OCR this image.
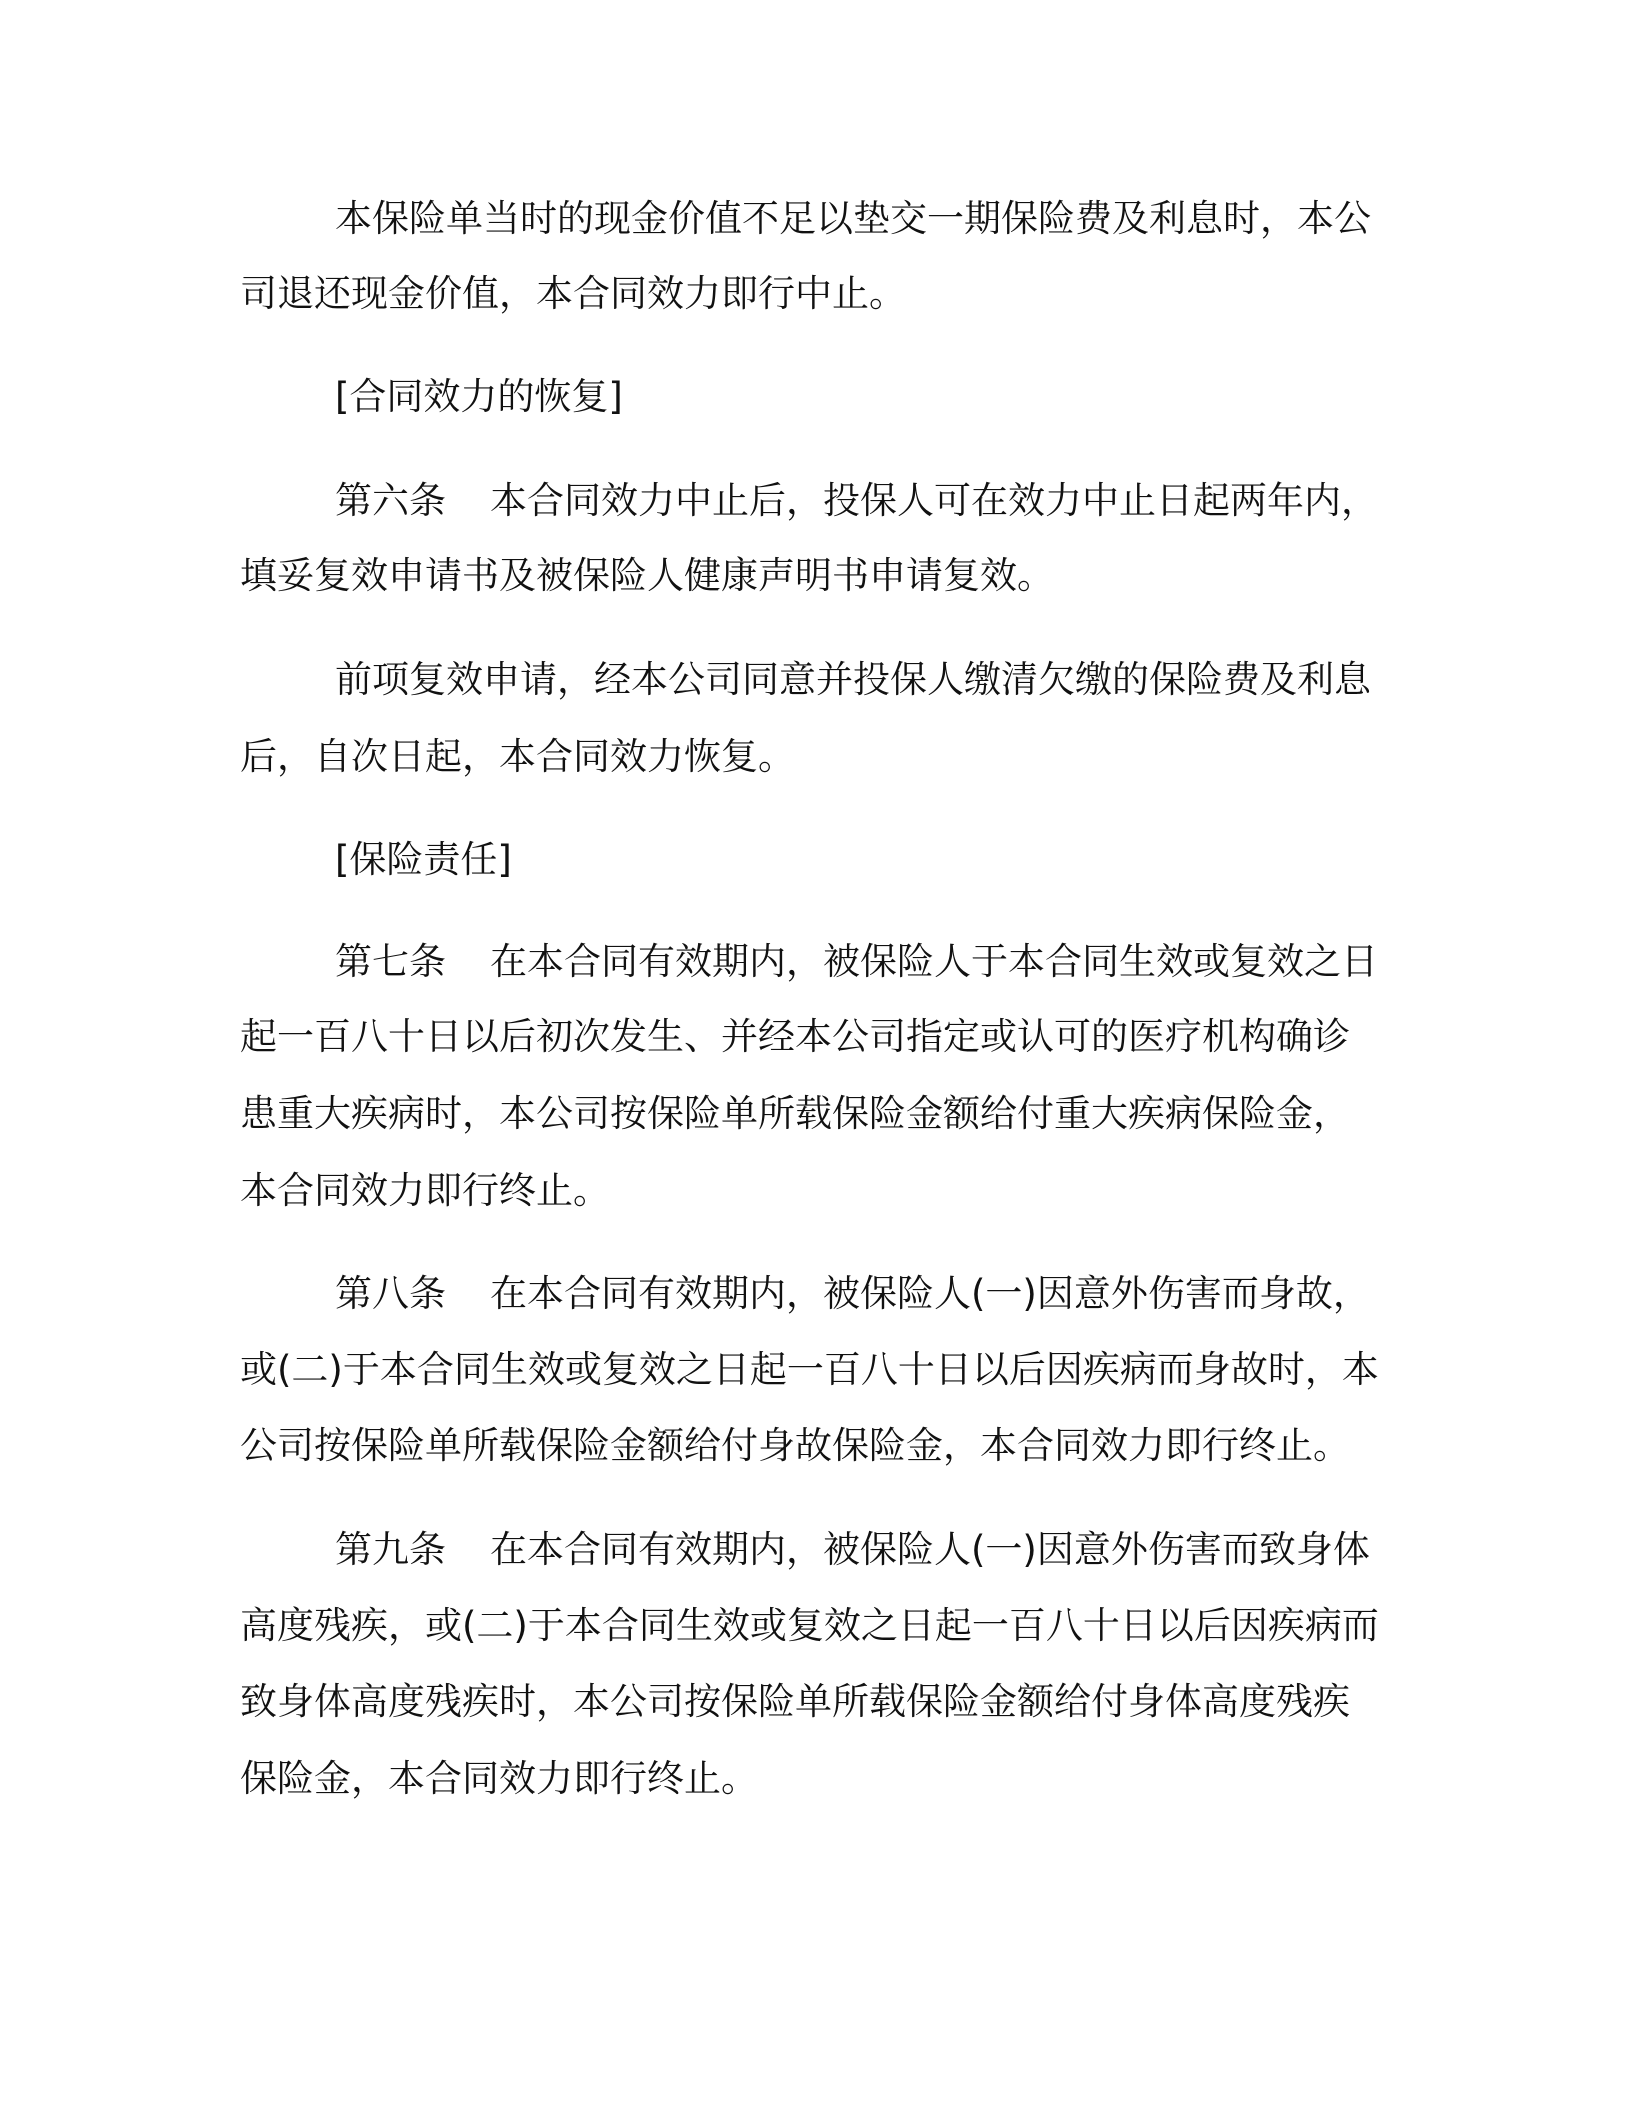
本保险单当时的现金价值不足以垫交一期保险费及利息时，本公
司退还现金价值，本合同效力即行中止。
[合同效力的恢复]
第六条 本合同效力中止后，投保人可在效力中止日起两年内，
填妥复效申请书及被保险人健康声明书申请复效。
前项复效申请，经本公司同意并投保人缴清欠缴的保险费及利息
后，自次日起，本合同效力恢复。
[保险责任]
第七条 在本合同有效期内，被保险人于本合同生效或复效之日
起一百八十日以后初次发生、并经本公司指定或认可的医疗机构确诊
患重大疾病时，本公司按保险单所载保险金额给付重大疾病保险金，
本合同效力即行终止。
第八条 在本合同有效期内，被保险人(一)因意外伤害而身故，
或(二)于本合同生效或复效之日起一百八十日以后因疾病而身故时，本
公司按保险单所载保险金额给付身故保险金，本合同效力即行终止。
第九条 在本合同有效期内，被保险人(一)因意外伤害而致身体
高度残疾，或(二)于本合同生效或复效之日起一百八十日以后因疾病而
致身体高度残疾时，本公司按保险单所载保险金额给付身体高度残疾
保险金，本合同效力即行终止。
